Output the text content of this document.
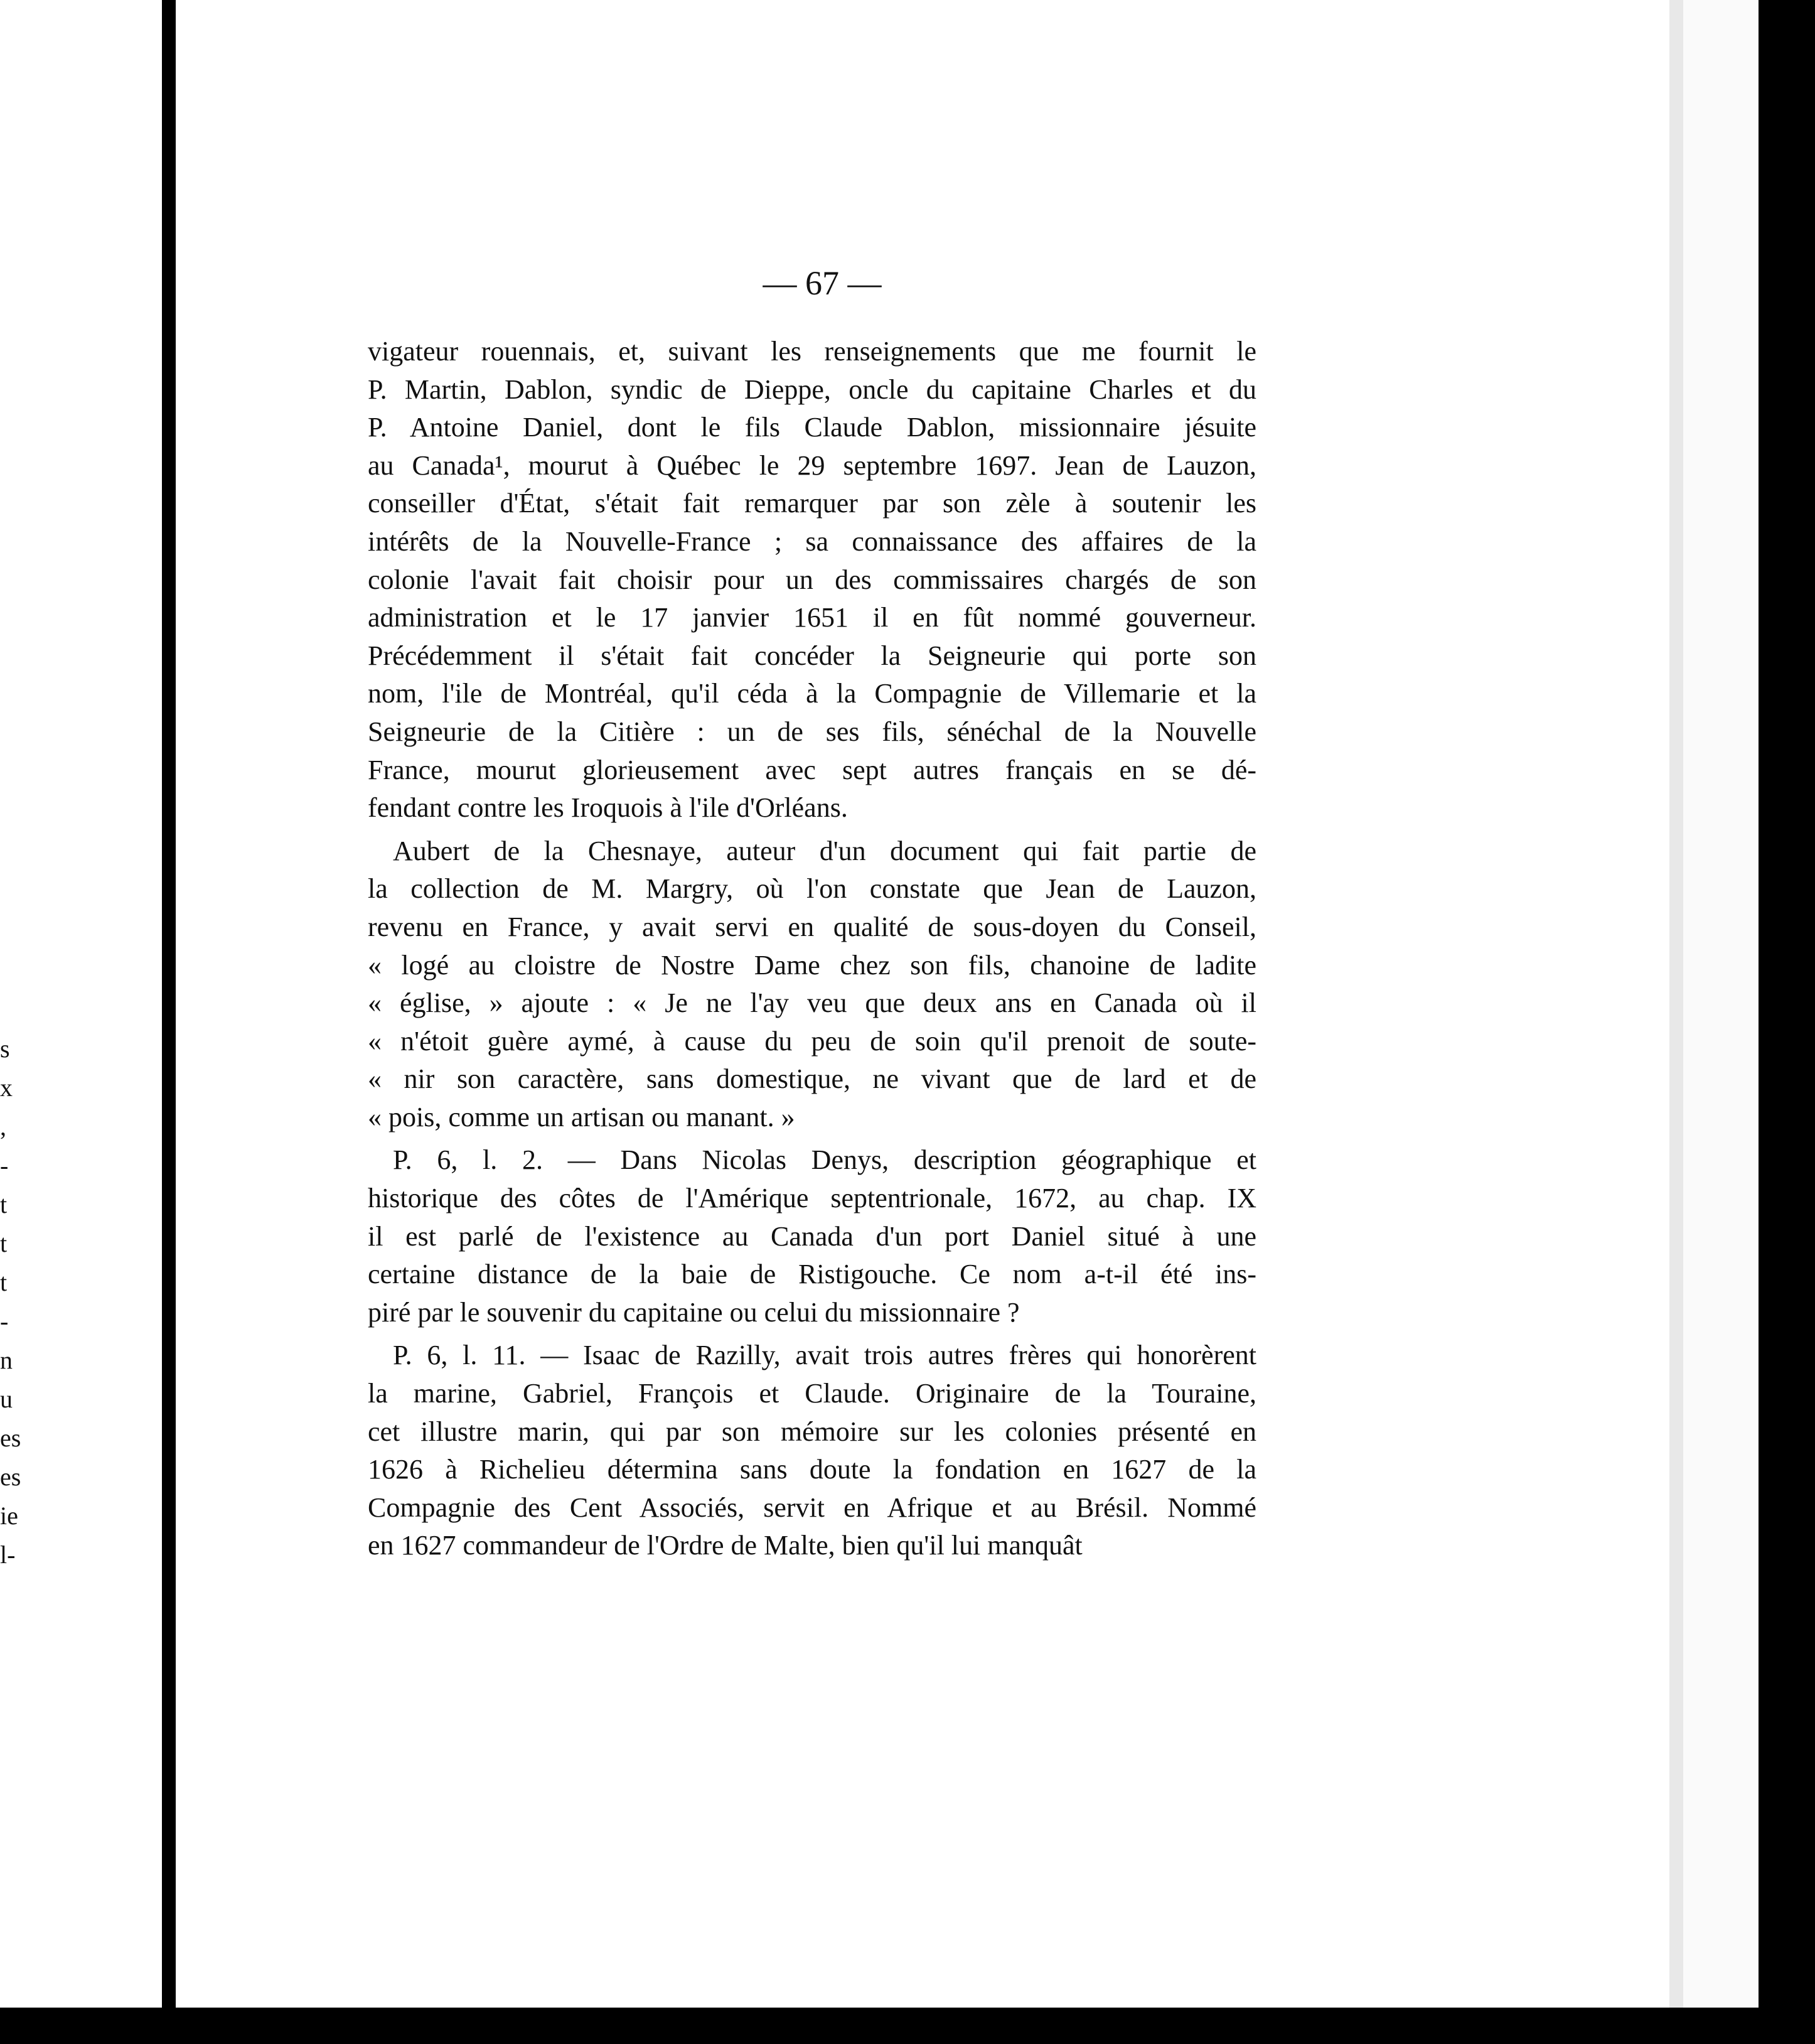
s
x
,
-
t
t
t
-
n
u
es
es
ie
l-
— 67 —
vigateur rouennais, et, suivant les renseignements que me fournit le
P. Martin, Dablon, syndic de Dieppe, oncle du capitaine Charles et du
P. Antoine Daniel, dont le fils Claude Dablon, missionnaire jésuite
au Canada¹, mourut à Québec le 29 septembre 1697. Jean de Lauzon,
conseiller d'État, s'était fait remarquer par son zèle à soutenir les
intérêts de la Nouvelle-France ; sa connaissance des affaires de la
colonie l'avait fait choisir pour un des commissaires chargés de son
administration et le 17 janvier 1651 il en fût nommé gouverneur.
Précédemment il s'était fait concéder la Seigneurie qui porte son
nom, l'ile de Montréal, qu'il céda à la Compagnie de Villemarie et la
Seigneurie de la Citière : un de ses fils, sénéchal de la Nouvelle
France, mourut glorieusement avec sept autres français en se dé-
fendant contre les Iroquois à l'ile d'Orléans.
Aubert de la Chesnaye, auteur d'un document qui fait partie de
la collection de M. Margry, où l'on constate que Jean de Lauzon,
revenu en France, y avait servi en qualité de sous-doyen du Conseil,
« logé au cloistre de Nostre Dame chez son fils, chanoine de ladite
« église, » ajoute : « Je ne l'ay veu que deux ans en Canada où il
« n'étoit guère aymé, à cause du peu de soin qu'il prenoit de soute-
« nir son caractère, sans domestique, ne vivant que de lard et de
« pois, comme un artisan ou manant. »
P. 6, l. 2. — Dans Nicolas Denys, description géographique et
historique des côtes de l'Amérique septentrionale, 1672, au chap. IX
il est parlé de l'existence au Canada d'un port Daniel situé à une
certaine distance de la baie de Ristigouche. Ce nom a-t-il été ins-
piré par le souvenir du capitaine ou celui du missionnaire ?
P. 6, l. 11. — Isaac de Razilly, avait trois autres frères qui honorèrent
la marine, Gabriel, François et Claude. Originaire de la Touraine,
cet illustre marin, qui par son mémoire sur les colonies présenté en
1626 à Richelieu détermina sans doute la fondation en 1627 de la
Compagnie des Cent Associés, servit en Afrique et au Brésil. Nommé
en 1627 commandeur de l'Ordre de Malte, bien qu'il lui manquât
